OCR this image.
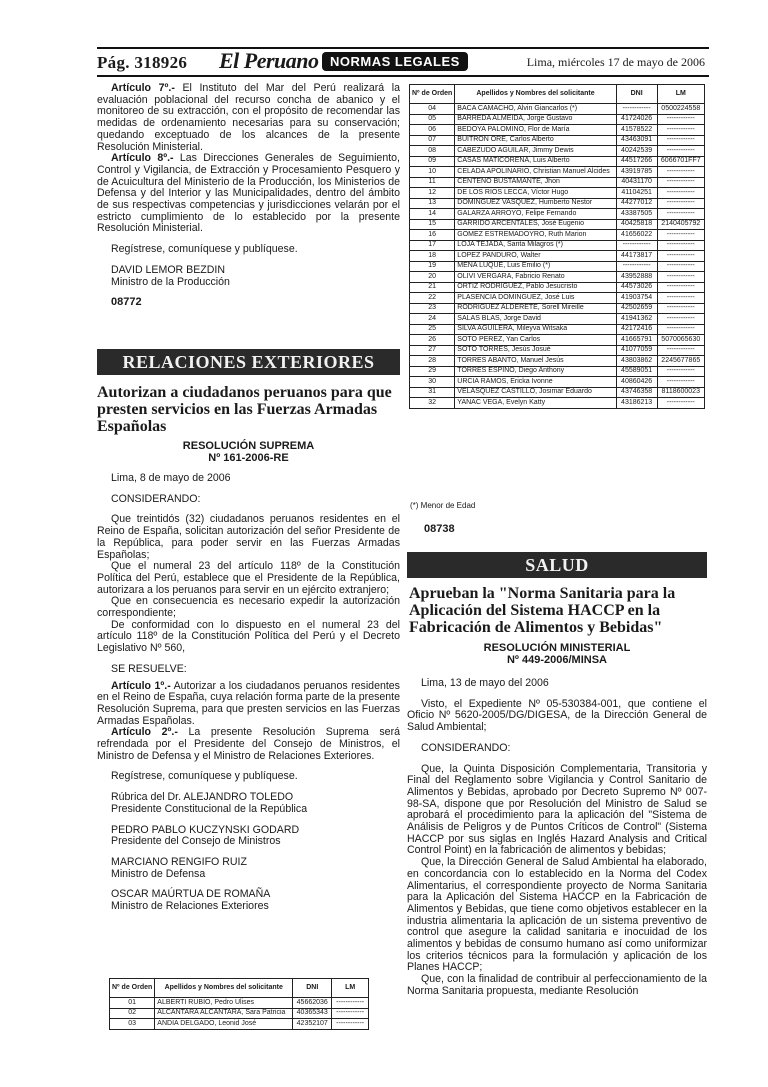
Pág. 318926 El Peruano NORMAS LEGALES	Lima, miércoles 17 de mayo de 2006

Artículo 7º.- El Instituto del Mar del Perú realizará la evaluación poblacional del recurso concha de abanico y el monitoreo de su extracción, con el propósito de recomendar las medidas de ordenamiento necesarias para su conservación; quedando exceptuado de los alcances de la presente Resolución Ministerial.

Artículo 8º.- Las Direcciones Generales de Seguimiento, Control y Vigilancia, de Extracción y Procesamiento Pesquero y de Acuicultura del Ministerio de la Producción, los Ministerios de Defensa y del Interior y las Municipalidades, dentro del ámbito de sus respectivas competencias y jurisdicciones velarán por el estricto cumplimiento de lo establecido por la presente Resolución Ministerial.

Regístrese, comuníquese y publíquese.

DAVID LEMOR BEZDIN

Ministro de la Producción

08772

RELACIONES EXTERIORES
Autorizan a ciudadanos peruanos para que presten servicios en las Fuerzas Armadas Españolas
RESOLUCIÓN SUPREMA
Nº 161-2006-RE

Lima, 8 de mayo de 2006

CONSIDERANDO:

Que treintidós (32) ciudadanos peruanos residentes en el Reino de España, solicitan autorización del señor Presidente de la República, para poder servir en las Fuerzas Armadas Españolas;

Que el numeral 23 del artículo 118º de la Constitución Política del Perú, establece que el Presidente de la República, autorizara a los peruanos para servir en un ejército extranjero;

Que en consecuencia es necesario expedir la autorización correspondiente;

De conformidad con lo dispuesto en el numeral 23 del artículo 118º de la Constitución Política del Perú y el Decreto Legislativo Nº 560,

SE RESUELVE:

Artículo 1º.- Autorizar a los ciudadanos peruanos residentes en el Reino de España, cuya relación forma parte de la presente Resolución Suprema, para que presten servicios en las Fuerzas Armadas Españolas.

Artículo 2º.- La presente Resolución Suprema será refrendada por el Presidente del Consejo de Ministros, el Ministro de Defensa y el Ministro de Relaciones Exteriores.

Regístrese, comuníquese y publíquese.

Rúbrica del Dr. ALEJANDRO TOLEDO

Presidente Constitucional de la República

PEDRO PABLO KUCZYNSKI GODARD

Presidente del Consejo de Ministros

MARCIANO RENGIFO RUIZ

Ministro de Defensa

OSCAR MAÚRTUA DE ROMAÑA

Ministro de Relaciones Exteriores

Nº de Orden	Apellidos y Nombres del solicitante	DNI	LM
01	ALBERTI RUBIO, Pedro Ulises	45662036	------------
02	ALCANTARA ALCANTARA, Sara Patricia	40365343	------------
03	ANDIA DELGADO, Leonid José	42352107	------------
Nº de Orden	Apellidos y Nombres del solicitante	DNI	LM
04	BACA CAMACHO, Alvin Giancarlos (*)	------------	0500224558
05	BARREDA ALMEIDA, Jorge Gustavo	41724026	------------
06	BEDOYA PALOMINO, Flor de María	41578522	------------
07	BUITRON ORE, Carlos Alberto	43463091	------------
08	CABEZUDO AGUILAR, Jimmy Dewis	40242539	------------
09	CASAS MATICORENA, Luis Alberto	44517266	6066701FF7
10	CELADA APOLINARIO, Christian Manuel Alcides	43919785	------------
11	CENTENO BUSTAMANTE, Jhon	40431170	------------
12	DE LOS RIOS LECCA, Víctor Hugo	41104251	------------
13	DOMINGUEZ VASQUEZ, Humberto Nestor	44277012	------------
14	GALARZA ARROYO, Felipe Fernando	43387505	------------
15	GARRIDO ARCENTALES, José Eugenio	40425818	2140405792
16	GOMEZ ESTREMADOYRO, Ruth Marion	41656022	------------
17	LOJA TEJADA, Sarita Milagros (*)	------------	------------
18	LOPEZ PANDURO, Walter	44173817	------------
19	MENA LUQUE, Luis Emilio (*)	------------	------------
20	OLIVI VERGARA, Fabricio Renato	43952888	------------
21	ORTIZ RODRIGUEZ, Pablo Jesucristo	44573026	------------
22	PLASENCIA DOMINGUEZ, José Luis	41903754	------------
23	RODRIGUEZ ALDERETE, Sorell Mireille	42502659	------------
24	SALAS BLAS, Jorge David	41941362	------------
25	SILVA AGUILERA, Mileyva Witsaka	42172416	------------
26	SOTO PEREZ, Yan Carlos	41665791	5070065630
27	SOTO TORRES, Jesús Josué	41077059	------------
28	TORRES ABANTO, Manuel Jesús	43803862	2245677865
29	TORRES ESPINO, Diego Anthony	45589051	------------
30	URCIA RAMOS, Ericka Ivonne	40860426	------------
31	VELASQUEZ CASTILLO, Josimar Eduardo	43746358	8118600023
32	YANAC VEGA, Evelyn Katty	43186213	------------
(*) Menor de Edad
08738
SALUD
Aprueban la "Norma Sanitaria para la Aplicación del Sistema HACCP en la Fabricación de Alimentos y Bebidas"
RESOLUCIÓN MINISTERIAL
Nº 449-2006/MINSA

Lima, 13 de mayo del 2006

Visto, el Expediente Nº 05-530384-001, que contiene el Oficio Nº 5620-2005/DG/DIGESA, de la Dirección General de Salud Ambiental;

CONSIDERANDO:

Que, la Quinta Disposición Complementaria, Transitoria y Final del Reglamento sobre Vigilancia y Control Sanitario de Alimentos y Bebidas, aprobado por Decreto Supremo Nº 007-98-SA, dispone que por Resolución del Ministro de Salud se aprobará el procedimiento para la aplicación del "Sistema de Análisis de Peligros y de Puntos Críticos de Control" (Sistema HACCP por sus siglas en Inglés Hazard Analysis and Critical Control Point) en la fabricación de alimentos y bebidas;

Que, la Dirección General de Salud Ambiental ha elaborado, en concordancia con lo establecido en la Norma del Codex Alimentarius, el correspondiente proyecto de Norma Sanitaria para la Aplicación del Sistema HACCP en la Fabricación de Alimentos y Bebidas, que tiene como objetivos establecer en la industria alimentaria la aplicación de un sistema preventivo de control que asegure la calidad sanitaria e inocuidad de los alimentos y bebidas de consumo humano así como uniformizar los criterios técnicos para la formulación y aplicación de los Planes HACCP;

Que, con la finalidad de contribuir al perfeccionamiento de la Norma Sanitaria propuesta, mediante Resolución
